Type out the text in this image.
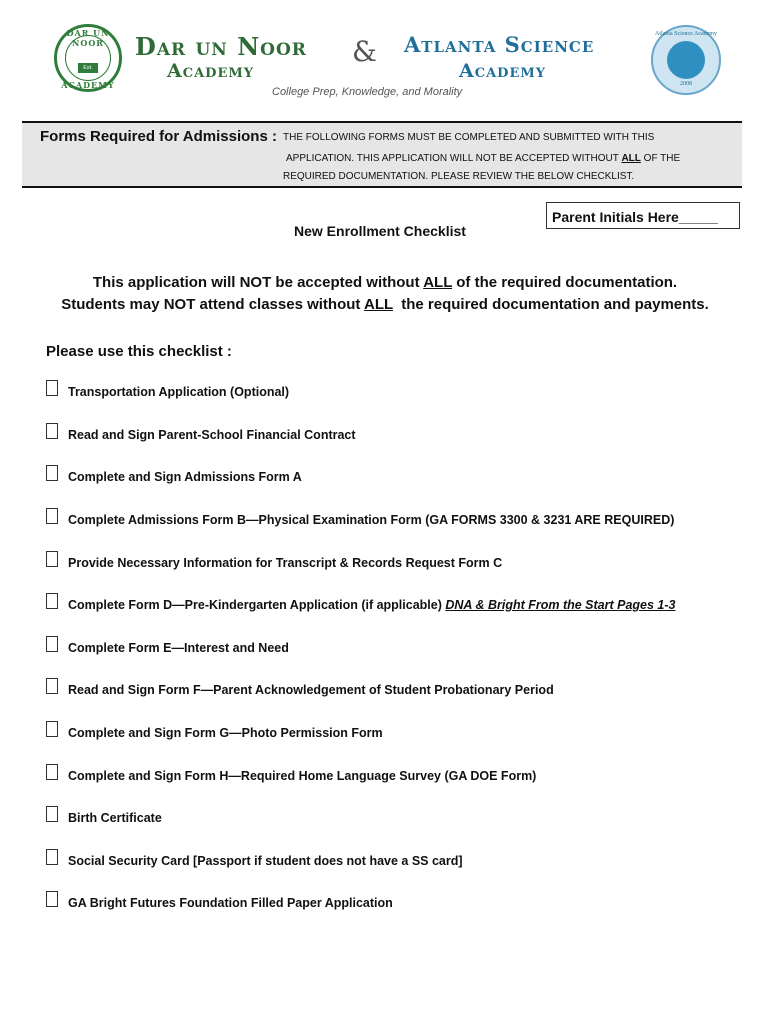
DAR UN NOOR
Est. 1990
ACADEMY
Dar un Noor
Academy
& Atlanta Science
Academy
College Prep, Knowledge, and Morality
Atlanta Science Academy
2008
Forms Required for Admissions : THE FOLLOWING FORMS MUST BE COMPLETED AND SUBMITTED WITH THIS
APPLICATION. THIS APPLICATION WILL NOT BE ACCEPTED WITHOUT ALL OF THE
REQUIRED DOCUMENTATION. PLEASE REVIEW THE BELOW CHECKLIST.
New Enrollment Checklist
Parent Initials Here_____
This application will NOT be accepted without ALL of the required documentation.
Students may NOT attend classes without ALL  the required documentation and payments.
Please use this checklist :
Transportation Application (Optional)
Read and Sign Parent-School Financial Contract
Complete and Sign Admissions Form A
Complete Admissions Form B—Physical Examination Form (GA FORMS 3300 & 3231 ARE REQUIRED)
Provide Necessary Information for Transcript & Records Request Form C
Complete Form D—Pre-Kindergarten Application (if applicable) DNA & Bright From the Start Pages 1-3
Complete Form E—Interest and Need
Read and Sign Form F—Parent Acknowledgement of Student Probationary Period
Complete and Sign Form G—Photo Permission Form
Complete and Sign Form H—Required Home Language Survey (GA DOE Form)
Birth Certificate
Social Security Card [Passport if student does not have a SS card]
GA Bright Futures Foundation Filled Paper Application
